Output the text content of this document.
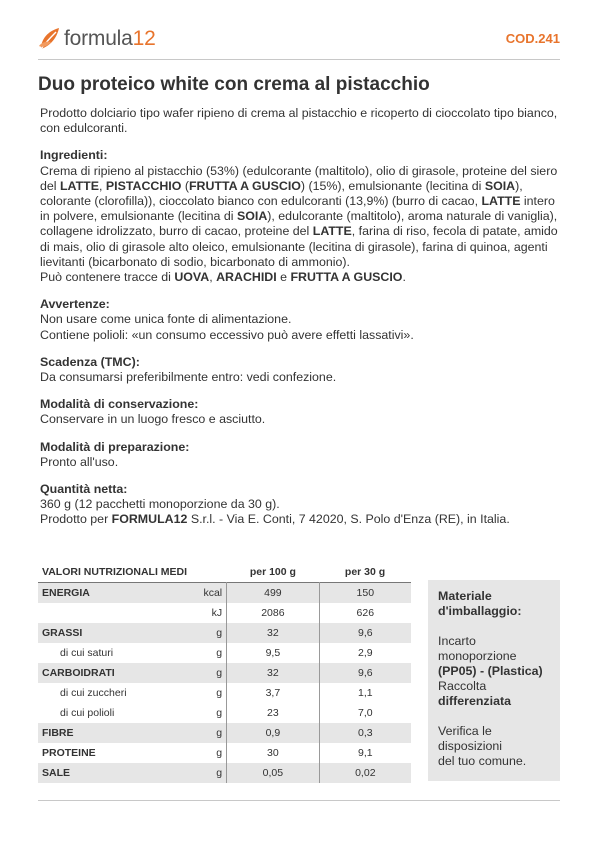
formula12	COD.241
Duo proteico white con crema al pistacchio

Prodotto dolciario tipo wafer ripieno di crema al pistacchio e ricoperto di cioccolato tipo bianco, con edulcoranti.

Ingredienti:

Crema di ripieno al pistacchio (53%) (edulcorante (maltitolo), olio di girasole, proteine del siero del LATTE, PISTACCHIO (FRUTTA A GUSCIO) (15%), emulsionante (lecitina di SOIA), colorante (clorofilla)), cioccolato bianco con edulcoranti (13,9%) (burro di cacao, LATTE intero in polvere, emulsionante (lecitina di SOIA), edulcorante (maltitolo), aroma naturale di vaniglia), collagene idrolizzato, burro di cacao, proteine del LATTE, farina di riso, fecola di patate, amido di mais, olio di girasole alto oleico, emulsionante (lecitina di girasole), farina di quinoa, agenti lievitanti (bicarbonato di sodio, bicarbonato di ammonio).

Può contenere tracce di UOVA, ARACHIDI e FRUTTA A GUSCIO.

Avvertenze:

Non usare come unica fonte di alimentazione.

Contiene polioli: «un consumo eccessivo può avere effetti lassativi».

Scadenza (TMC):

Da consumarsi preferibilmente entro: vedi confezione.

Modalità di conservazione:

Conservare in un luogo fresco e asciutto.

Modalità di preparazione:

Pronto all'uso.

Quantità netta:

360 g (12 pacchetti monoporzione da 30 g).

Prodotto per FORMULA12 S.r.l. - Via E. Conti, 7 42020, S. Polo d'Enza (RE), in Italia.

VALORI NUTRIZIONALI MEDI		per 100 g	per 30 g
ENERGIA	kcal	499	150
	kJ	2086	626
GRASSI	g	32	9,6
di cui saturi	g	9,5	2,9
CARBOIDRATI	g	32	9,6
di cui zuccheri	g	3,7	1,1
di cui polioli	g	23	7,0
FIBRE	g	0,9	0,3
PROTEINE	g	30	9,1
SALE	g	0,05	0,02

Materiale

d'imballaggio:

Incarto

monoporzione

(PP05) - (Plastica)

Raccolta

differenziata

Verifica le

disposizioni

del tuo comune.
